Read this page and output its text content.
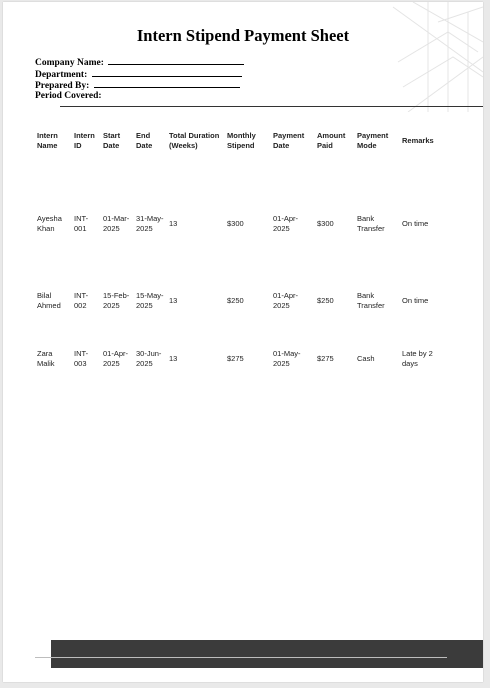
Intern Stipend Payment Sheet
Company Name:
Department:
Prepared By:
Period Covered:
Intern Name	Intern ID	Start Date	End Date	Total Duration (Weeks)	Monthly Stipend	Payment Date	Amount Paid	Payment Mode	Remarks
Ayesha Khan	INT-001	01-Mar-2025	31-May-2025	13	$300	01-Apr-2025	$300	Bank Transfer	On time
Bilal Ahmed	INT-002	15-Feb-2025	15-May-2025	13	$250	01-Apr-2025	$250	Bank Transfer	On time
Zara Malik	INT-003	01-Apr-2025	30-Jun-2025	13	$275	01-May-2025	$275	Cash	Late by 2 days
